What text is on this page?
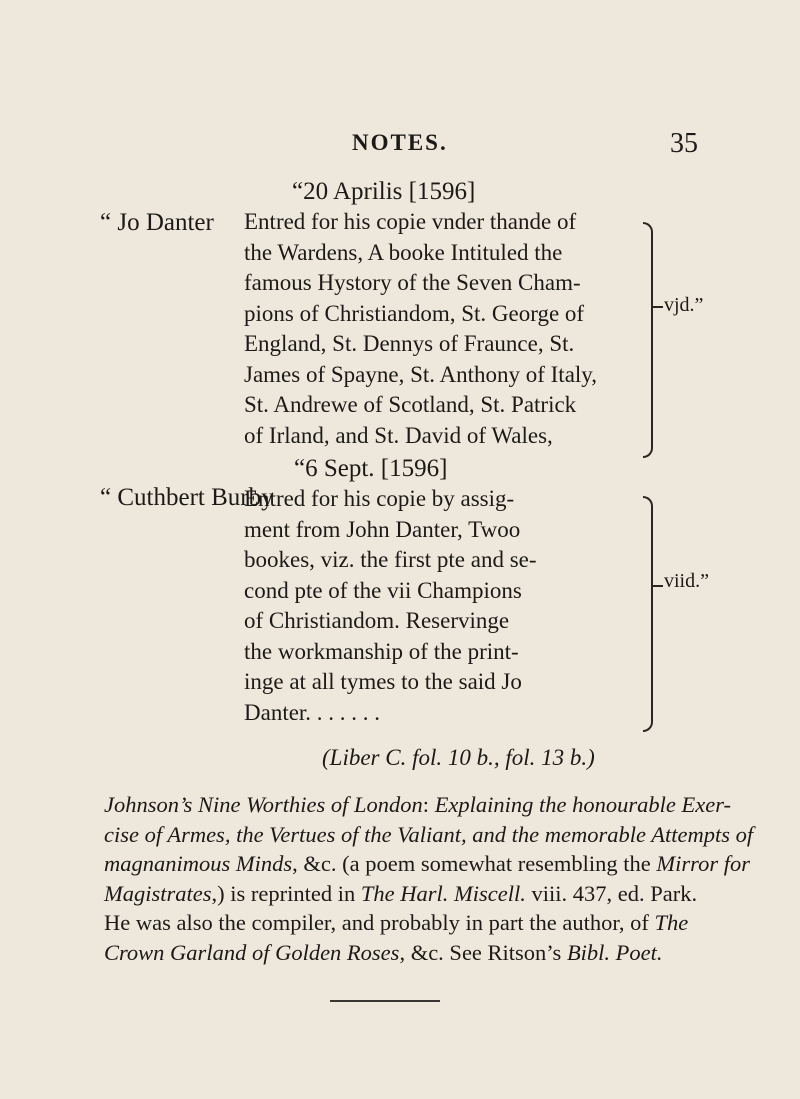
NOTES.	35
“20 Aprilis [1596]
“ Jo Danter Entred for his copie vnder thande of
the Wardens, A booke Intituled the
famous Hystory of the Seven Cham-
pions of Christiandom, St. George of
England, St. Dennys of Fraunce, St.
James of Spayne, St. Anthony of Italy,
St. Andrewe of Scotland, St. Patrick
of Irland, and St. David of Wales,
vjd.”
“6 Sept. [1596]
“ Cuthbert Burby
Entred for his copie by assig-
ment from John Danter, Twoo
bookes, viz. the first pte and se-
cond pte of the vii Champions
of Christiandom. Reservinge
the workmanship of the print-
inge at all tymes to the said Jo
Danter. . . . . . .
viid.”
(Liber C. fol. 10 b., fol. 13 b.)
Johnson’s Nine Worthies of London: Explaining the honourable Exer-
cise of Armes, the Vertues of the Valiant, and the memorable Attempts of
magnanimous Minds, &c. (a poem somewhat resembling the Mirror for
Magistrates,) is reprinted in The Harl. Miscell. viii. 437, ed. Park.
He was also the compiler, and probably in part the author, of The
Crown Garland of Golden Roses, &c. See Ritson’s Bibl. Poet.
